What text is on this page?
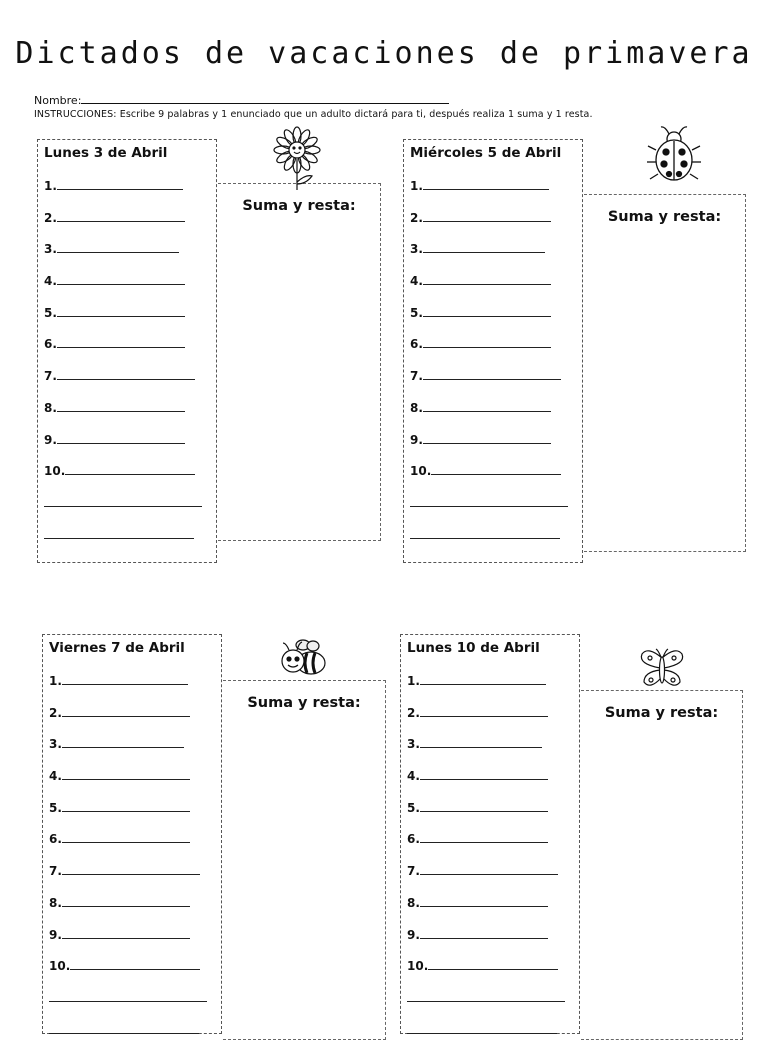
Dictados de vacaciones de primavera
Nombre:
INSTRUCCIONES: Escribe 9 palabras y 1 enunciado que un adulto dictará para ti, después realiza 1 suma y 1 resta.
Lunes 3 de Abril
1.
2.
3.
4.
5.
6.
7.
8.
9.
10.
Suma y resta:
Miércoles 5 de Abril
1.
2.
3.
4.
5.
6.
7.
8.
9.
10.
Suma y resta:
Viernes 7 de Abril
1.
2.
3.
4.
5.
6.
7.
8.
9.
10.
Suma y resta:
Lunes 10 de Abril
1.
2.
3.
4.
5.
6.
7.
8.
9.
10.
Suma y resta:
